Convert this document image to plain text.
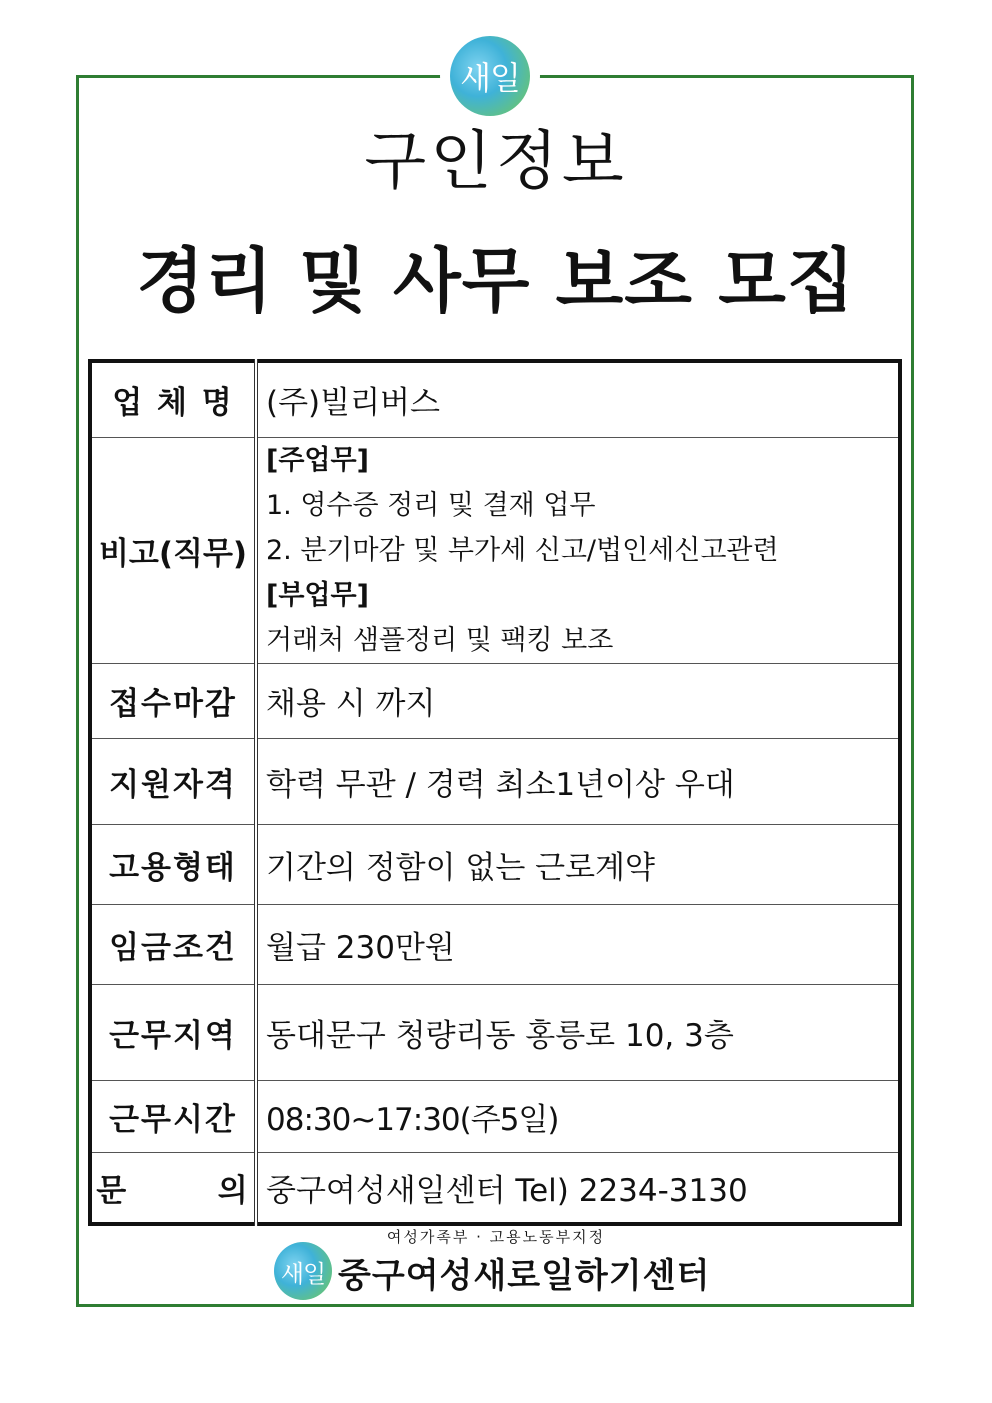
새일
구인정보
경리 및 사무 보조 모집
업 체 명	(주)빌리버스
비고(직무)	[주업무]
1. 영수증 정리 및 결재 업무
2. 분기마감 및 부가세 신고/법인세신고관련
[부업무]
거래처 샘플정리 및 팩킹 보조

접수마감	채용 시 까지
지원자격	학력 무관 / 경력 최소1년이상 우대
고용형태	기간의 정함이 없는 근로계약
임금조건	월급 230만원
근무지역	동대문구 청량리동 홍릉로 10, 3층
근무시간	08:30~17:30(주5일)
문       의	중구여성새일센터 Tel) 2234-3130
여성가족부 · 고용노동부지정
새일 중구여성새로일하기센터
